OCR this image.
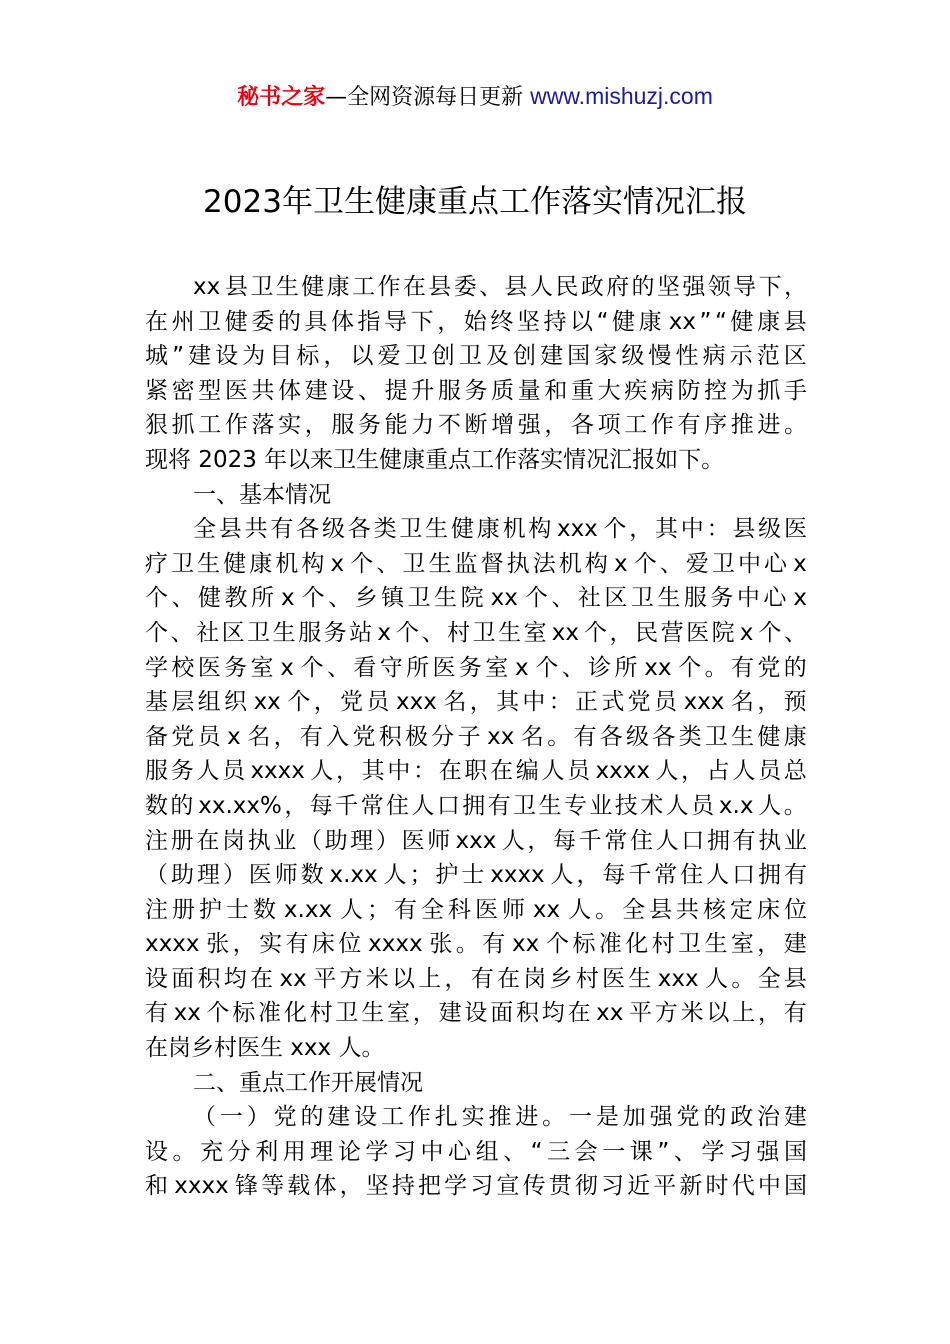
秘书之家—全网资源每日更新 www.mishuzj.com
2023年卫生健康重点工作落实情况汇报
xx 县 卫 生 健 康 工 作 在 县 委 、 县 人 民 政 府 的 坚 强 领 导 下 ，
在 州 卫 健 委 的 具 体 指 导 下 ， 始 终 坚 持 以 “ 健 康 xx ” “ 健 康 县
城 ” 建 设 为 目 标 ， 以 爱 卫 创 卫 及 创 建 国 家 级 慢 性 病 示 范 区
紧 密 型 医 共 体 建 设 、 提 升 服 务 质 量 和 重 大 疾 病 防 控 为 抓 手
狠 抓 工 作 落 实 ， 服 务 能 力 不 断 增 强 ， 各 项 工 作 有 序 推 进 。
现将 2023 年以来卫生健康重点工作落实情况汇报如下。
一、基本情况
全 县 共 有 各 级 各 类 卫 生 健 康 机 构 xxx 个 ， 其 中 ： 县 级 医
疗 卫 生 健 康 机 构 x 个 、 卫 生 监 督 执 法 机 构 x 个 、 爱 卫 中 心 x
个 、 健 教 所 x 个 、 乡 镇 卫 生 院 xx 个 、 社 区 卫 生 服 务 中 心 x
个 、 社 区 卫 生 服 务 站 x 个 、 村 卫 生 室 xx 个 ， 民 营 医 院 x 个 、
学 校 医 务 室 x 个 、 看 守 所 医 务 室 x 个 、 诊 所 xx 个 。 有 党 的
基 层 组 织 xx 个 ， 党 员 xxx 名 ， 其 中 ： 正 式 党 员 xxx 名 ， 预
备 党 员 x 名 ， 有 入 党 积 极 分 子 xx 名 。 有 各 级 各 类 卫 生 健 康
服 务 人 员 xxxx 人 ， 其 中 ： 在 职 在 编 人 员 xxxx 人 ， 占 人 员 总
数 的 xx.xx% ， 每 千 常 住 人 口 拥 有 卫 生 专 业 技 术 人 员 x.x 人 。
注 册 在 岗 执 业 （ 助 理 ） 医 师 xxx 人 ， 每 千 常 住 人 口 拥 有 执 业
（ 助 理 ） 医 师 数 x.xx 人 ； 护 士 xxxx 人 ， 每 千 常 住 人 口 拥 有
注 册 护 士 数 x.xx 人 ； 有 全 科 医 师 xx 人 。 全 县 共 核 定 床 位
xxxx 张 ， 实 有 床 位 xxxx 张 。 有 xx 个 标 准 化 村 卫 生 室 ， 建
设 面 积 均 在 xx 平 方 米 以 上 ， 有 在 岗 乡 村 医 生 xxx 人 。 全 县
有 xx 个 标 准 化 村 卫 生 室 ， 建 设 面 积 均 在 xx 平 方 米 以 上 ， 有
在岗乡村医生 xxx 人。
二、重点工作开展情况
（ 一 ） 党 的 建 设 工 作 扎 实 推 进 。 一 是 加 强 党 的 政 治 建
设 。 充 分 利 用 理 论 学 习 中 心 组 、 “ 三 会 一 课 ” 、 学 习 强 国
和 xxxx 锋 等 载 体 ， 坚 持 把 学 习 宣 传 贯 彻 习 近 平 新 时 代 中 国
